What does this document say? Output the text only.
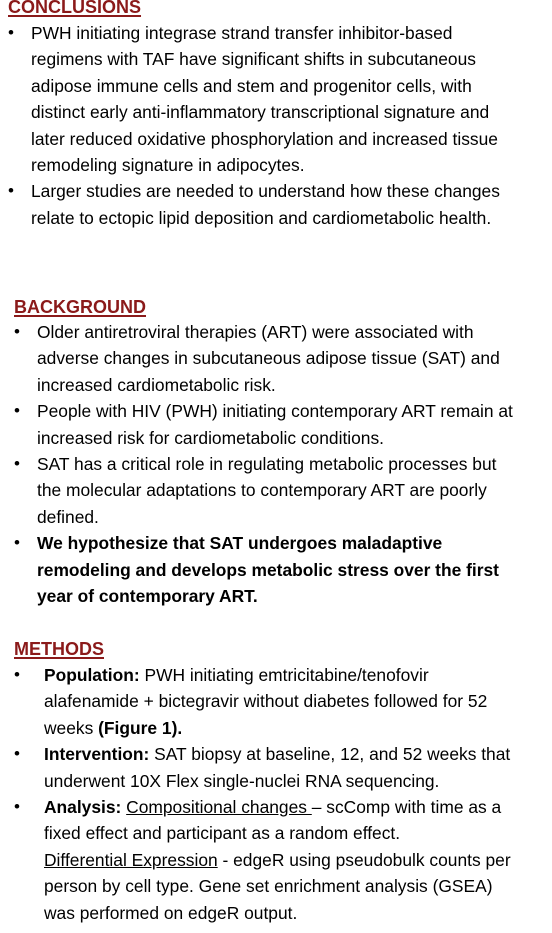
CONCLUSIONS
• PWH initiating integrase strand transfer inhibitor-based regimens with TAF have significant shifts in subcutaneous adipose immune cells and stem and progenitor cells, with distinct early anti-inflammatory transcriptional signature and later reduced oxidative phosphorylation and increased tissue remodeling signature in adipocytes.
• Larger studies are needed to understand how these changes relate to ectopic lipid deposition and cardiometabolic health.
BACKGROUND
• Older antiretroviral therapies (ART) were associated with adverse changes in subcutaneous adipose tissue (SAT) and increased cardiometabolic risk.
• People with HIV (PWH) initiating contemporary ART remain at increased risk for cardiometabolic conditions.
• SAT has a critical role in regulating metabolic processes but the molecular adaptations to contemporary ART are poorly defined.
• We hypothesize that SAT undergoes maladaptive remodeling and develops metabolic stress over the first year of contemporary ART.
METHODS
• Population: PWH initiating emtricitabine/tenofovir alafenamide + bictegravir without diabetes followed for 52 weeks (Figure 1).
• Intervention: SAT biopsy at baseline, 12, and 52 weeks that underwent 10X Flex single-nuclei RNA sequencing.
• Analysis: Compositional changes – scComp with time as a fixed effect and participant as a random effect.
Differential Expression - edgeR using pseudobulk counts per person by cell type. Gene set enrichment analysis (GSEA) was performed on edgeR output.
